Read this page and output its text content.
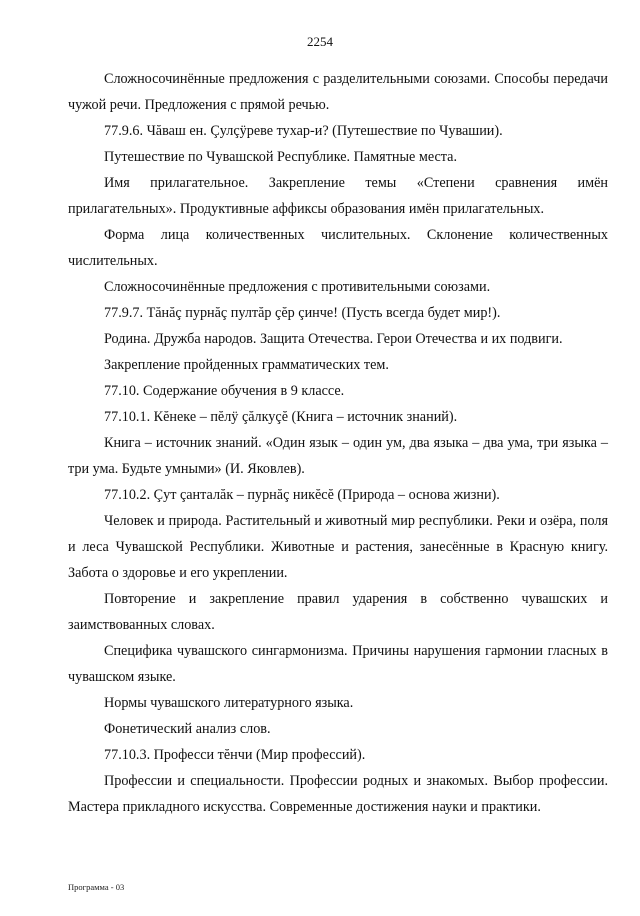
2254

Сложносочинённые предложения с разделительными союзами. Способы передачи чужой речи. Предложения с прямой речью.

77.9.6. Чăваш ен. Çулçÿреве тухар-и? (Путешествие по Чувашии).

Путешествие по Чувашской Республике. Памятные места.

Имя прилагательное. Закрепление темы «Степени сравнения имён прилагательных». Продуктивные аффиксы образования имён прилагательных.

Форма лица количественных числительных. Склонение количественных числительных.

Сложносочинённые предложения с противительными союзами.

77.9.7. Тăнăç пурнăç пултăр çĕр çинче! (Пусть всегда будет мир!).

Родина. Дружба народов. Защита Отечества. Герои Отечества и их подвиги.

Закрепление пройденных грамматических тем.

77.10. Содержание обучения в 9 классе.

77.10.1. Кĕнеке – пĕлÿ çăлкуçĕ (Книга – источник знаний).

Книга – источник знаний. «Один язык – один ум, два языка – два ума, три языка – три ума. Будьте умными» (И. Яковлев).

77.10.2. Çут çанталăк – пурнăç никĕсĕ (Природа – основа жизни).

Человек и природа. Растительный и животный мир республики. Реки и озёра, поля и леса Чувашской Республики. Животные и растения, занесённые в Красную книгу. Забота о здоровье и его укреплении.

Повторение и закрепление правил ударения в собственно чувашских и заимствованных словах.

Специфика чувашского сингармонизма. Причины нарушения гармонии гласных в чувашском языке.

Нормы чувашского литературного языка.

Фонетический анализ слов.

77.10.3. Професси тĕнчи (Мир профессий).

Профессии и специальности. Профессии родных и знакомых. Выбор профессии. Мастера прикладного искусства. Современные достижения науки и практики.

Программа - 03
